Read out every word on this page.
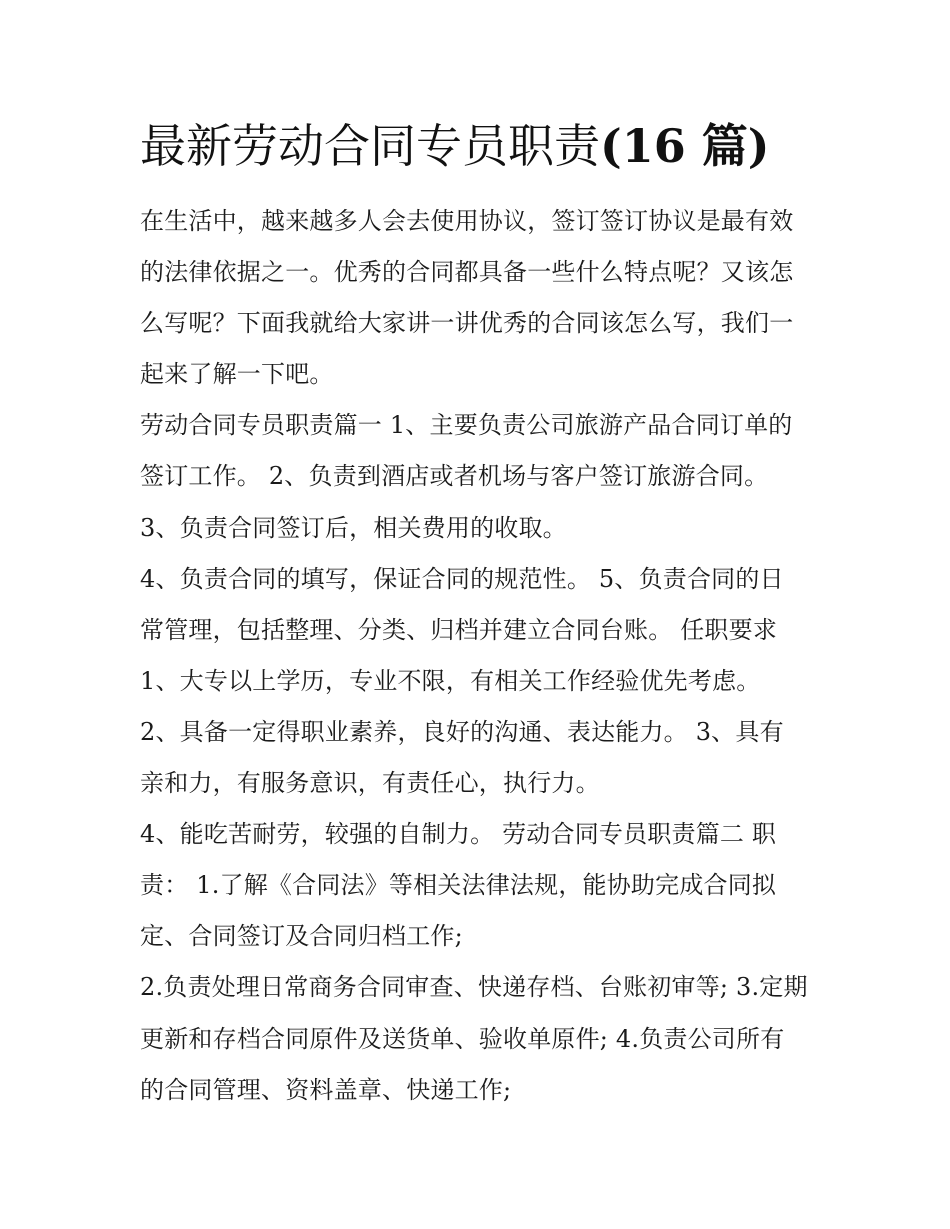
最新劳动合同专员职责(16 篇)
在生活中，越来越多人会去使用协议，签订签订协议是最有效
的法律依据之一。优秀的合同都具备一些什么特点呢？又该怎
么写呢？下面我就给大家讲一讲优秀的合同该怎么写，我们一
起来了解一下吧。
劳动合同专员职责篇一 1、主要负责公司旅游产品合同订单的
签订工作。 2、负责到酒店或者机场与客户签订旅游合同。
3、负责合同签订后，相关费用的收取。
4、负责合同的填写，保证合同的规范性。 5、负责合同的日
常管理，包括整理、分类、归档并建立合同台账。 任职要求
1、大专以上学历，专业不限，有相关工作经验优先考虑。
2、具备一定得职业素养，良好的沟通、表达能力。 3、具有
亲和力，有服务意识，有责任心，执行力。
4、能吃苦耐劳，较强的自制力。 劳动合同专员职责篇二 职
责： 1.了解《合同法》等相关法律法规，能协助完成合同拟
定、合同签订及合同归档工作;
2.负责处理日常商务合同审查、快递存档、台账初审等; 3.定期
更新和存档合同原件及送货单、验收单原件; 4.负责公司所有
的合同管理、资料盖章、快递工作;
